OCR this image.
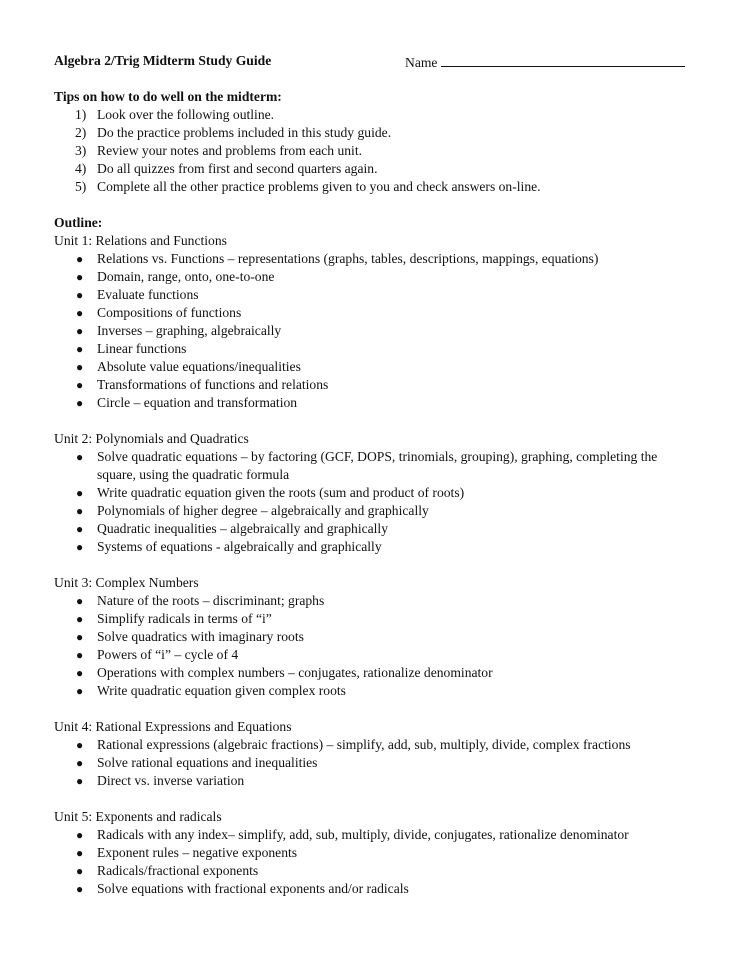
Algebra 2/Trig Midterm Study Guide	Name
Tips on how to do well on the midterm:
1) Look over the following outline.
2) Do the practice problems included in this study guide.
3) Review your notes and problems from each unit.
4) Do all quizzes from first and second quarters again.
5) Complete all the other practice problems given to you and check answers on-line.
Outline:
Unit 1: Relations and Functions
● Relations vs. Functions – representations (graphs, tables, descriptions, mappings, equations)
● Domain, range, onto, one-to-one
● Evaluate functions
● Compositions of functions
● Inverses – graphing, algebraically
● Linear functions
● Absolute value equations/inequalities
● Transformations of functions and relations
● Circle – equation and transformation
Unit 2: Polynomials and Quadratics
● Solve quadratic equations – by factoring (GCF, DOPS, trinomials, grouping), graphing, completing the square, using the quadratic formula
● Write quadratic equation given the roots (sum and product of roots)
● Polynomials of higher degree – algebraically and graphically
● Quadratic inequalities – algebraically and graphically
● Systems of equations - algebraically and graphically
Unit 3: Complex Numbers
● Nature of the roots – discriminant; graphs
● Simplify radicals in terms of “i”
● Solve quadratics with imaginary roots
● Powers of “i” – cycle of 4
● Operations with complex numbers – conjugates, rationalize denominator
● Write quadratic equation given complex roots
Unit 4: Rational Expressions and Equations
● Rational expressions (algebraic fractions) – simplify, add, sub, multiply, divide, complex fractions
● Solve rational equations and inequalities
● Direct vs. inverse variation
Unit 5: Exponents and radicals
● Radicals with any index– simplify, add, sub, multiply, divide, conjugates, rationalize denominator
● Exponent rules – negative exponents
● Radicals/fractional exponents
● Solve equations with fractional exponents and/or radicals
